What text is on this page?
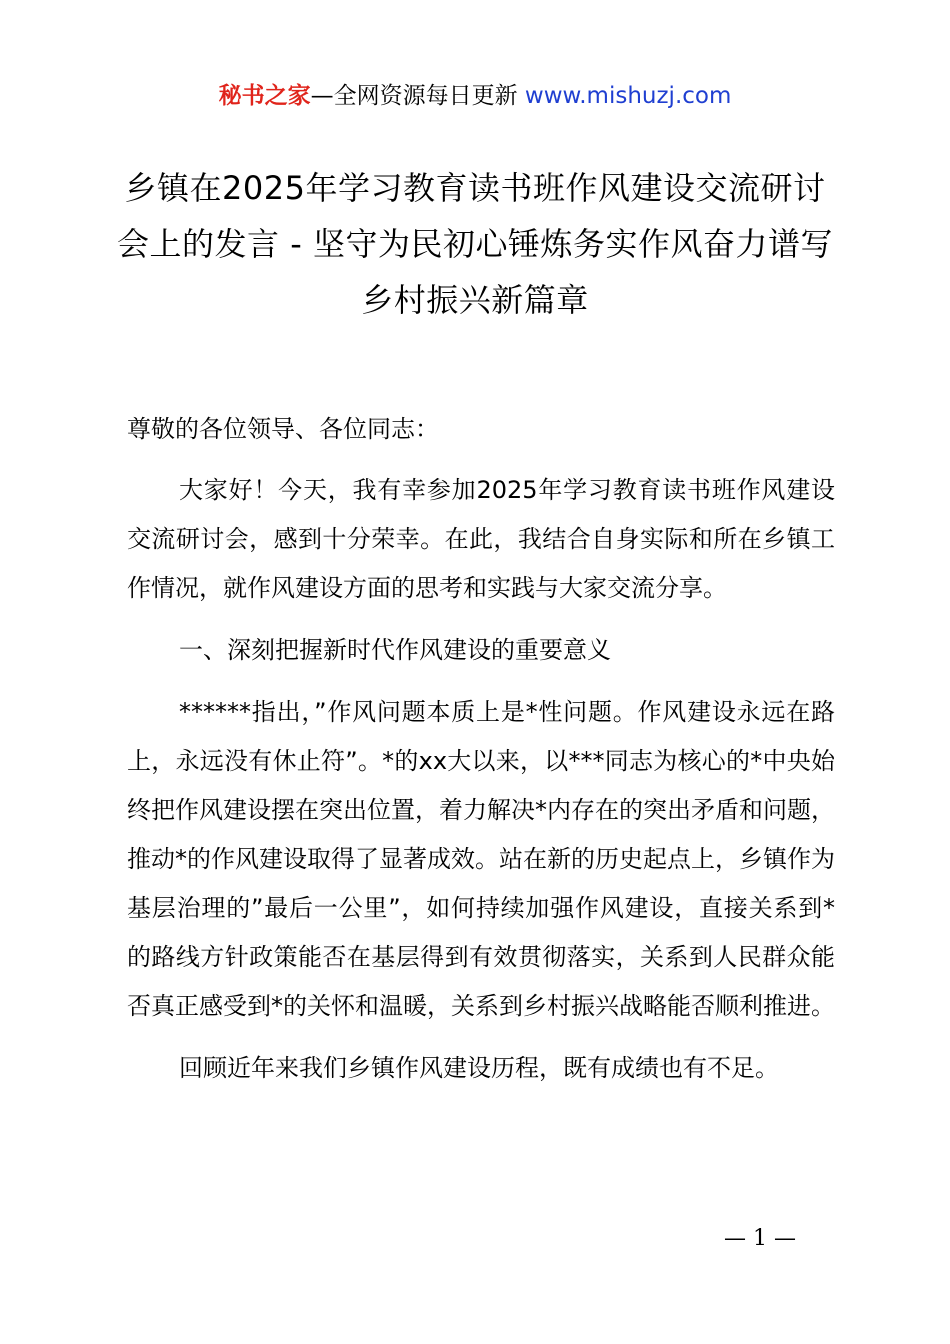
秘书之家—全网资源每日更新 www.mishuzj.com
乡镇在2025年学习教育读书班作风建设交流研讨会上的发言 - 坚守为民初心锤炼务实作风奋力谱写乡村振兴新篇章

尊敬的各位领导、各位同志：

大家好！今天，我有幸参加2025年学习教育读书班作风建设交流研讨会，感到十分荣幸。在此，我结合自身实际和所在乡镇工作情况，就作风建设方面的思考和实践与大家交流分享。

一、深刻把握新时代作风建设的重要意义

******指出，”作风问题本质上是*性问题。作风建设永远在路上，永远没有休止符”。*的xx大以来，以***同志为核心的*中央始终把作风建设摆在突出位置，着力解决*内存在的突出矛盾和问题，推动*的作风建设取得了显著成效。站在新的历史起点上，乡镇作为基层治理的”最后一公里”，如何持续加强作风建设，直接关系到*的路线方针政策能否在基层得到有效贯彻落实，关系到人民群众能否真正感受到*的关怀和温暖，关系到乡村振兴战略能否顺利推进。

回顾近年来我们乡镇作风建设历程，既有成绩也有不足。

— 1 —
